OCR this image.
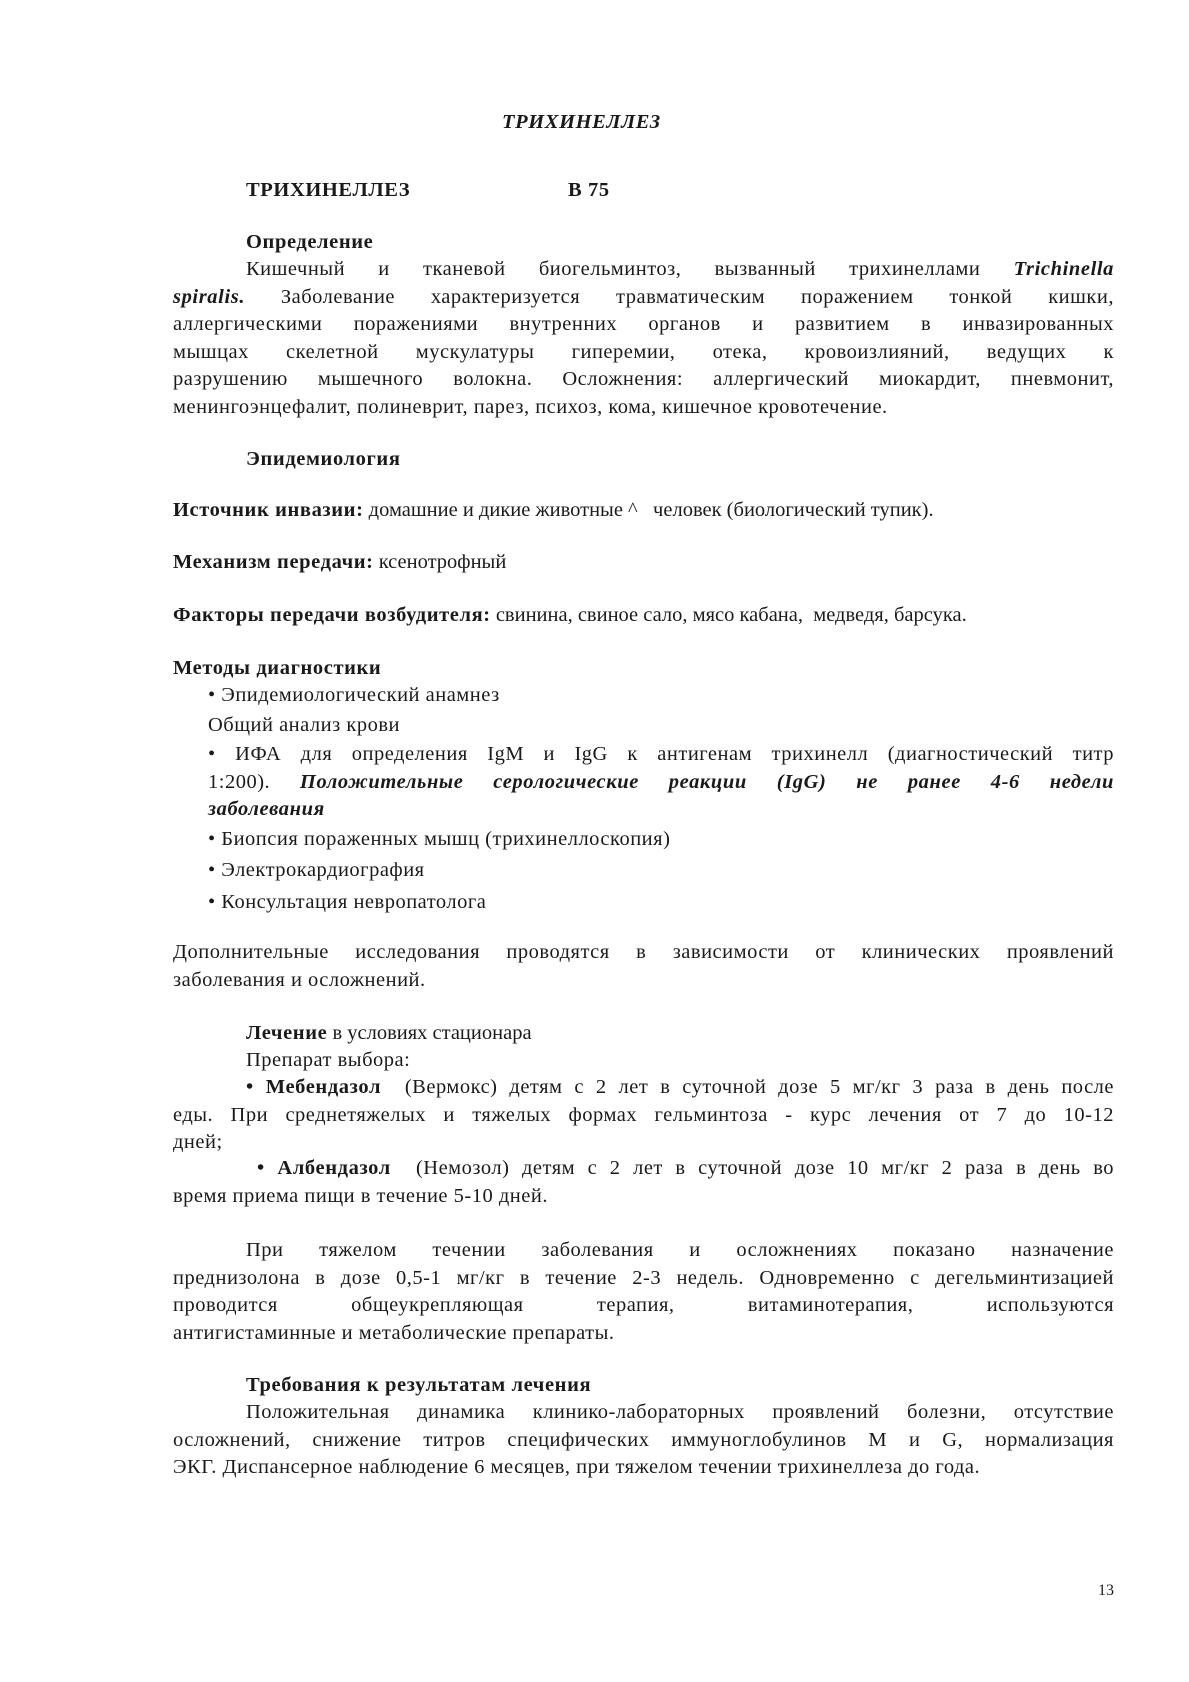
ТРИХИНЕЛЛЕЗ
ТРИХИНЕЛЛЕЗ	В 75
Определение
Кишечный и тканевой биогельминтоз, вызванный трихинеллами Trichinella
spiralis. Заболевание характеризуется травматическим поражением тонкой кишки,
аллергическими поражениями внутренних органов и развитием в инвазированных
мышцах скелетной мускулатуры гиперемии, отека, кровоизлияний, ведущих к
разрушению мышечного волокна. Осложнения: аллергический миокардит, пневмонит,
менингоэнцефалит, полиневрит, парез, психоз, кома, кишечное кровотечение.
Эпидемиология
Источник инвазии: домашние и дикие животные ^   человек (биологический тупик).
Механизм передачи: ксенотрофный
Факторы передачи возбудителя: свинина, свиное сало, мясо кабана,  медведя, барсука.
Методы диагностики
• Эпидемиологический анамнез
Общий анализ крови
• ИФА для определения IgM и IgG к антигенам трихинелл (диагностический титр
1:200). Положительные серологические реакции (IgG) не ранее 4-6 недели
заболевания
• Биопсия пораженных мышц (трихинеллоскопия)
• Электрокардиография
• Консультация невропатолога
Дополнительные исследования проводятся в зависимости от клинических проявлений
заболевания и осложнений.
Лечение в условиях стационара
Препарат выбора:
• Мебендазол (Вермокс) детям с 2 лет в суточной дозе 5 мг/кг 3 раза в день после
еды. При среднетяжелых и тяжелых формах гельминтоза - курс лечения от 7 до 10-12
дней;
• Албендазол (Немозол) детям с 2 лет в суточной дозе 10 мг/кг 2 раза в день во
время приема пищи в течение 5-10 дней.
При тяжелом течении заболевания и осложнениях показано назначение
преднизолона в дозе 0,5-1 мг/кг в течение 2-3 недель. Одновременно с дегельминтизацией
проводится общеукрепляющая терапия, витаминотерапия, используются
антигистаминные и метаболические препараты.
Требования к результатам лечения
Положительная динамика клинико-лабораторных проявлений болезни, отсутствие
осложнений, снижение титров специфических иммуноглобулинов М и G, нормализация
ЭКГ. Диспансерное наблюдение 6 месяцев, при тяжелом течении трихинеллеза до года.
13
